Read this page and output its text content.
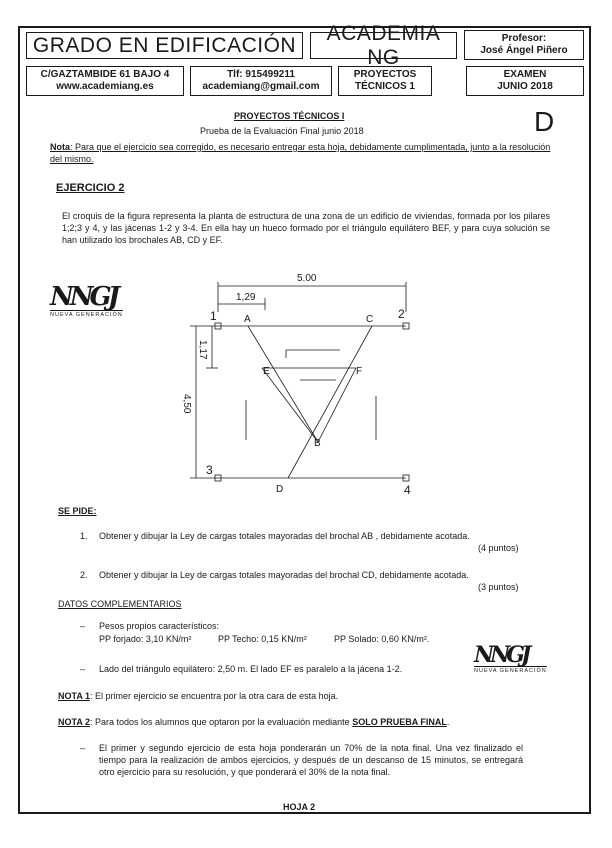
GRADO EN EDIFICACIÓN
ACADEMIA NG
Profesor:
José Ángel Piñero
C/GAZTAMBIDE 61 BAJO 4
www.academiang.es
Tlf: 915499211
academiang@gmail.com
PROYECTOS
TÉCNICOS 1
EXAMEN
JUNIO 2018
D
PROYECTOS TÉCNICOS I
Prueba de la Evaluación Final junio 2018
Nota: Para que el ejercicio sea corregido, es necesario entregar esta hoja, debidamente cumplimentada, junto a la resolución del mismo.
EJERCICIO 2
El croquis de la figura representa la planta de estructura de una zona de un edificio de viviendas, formada por los pilares 1;2;3 y 4, y las jácenas 1-2 y 3-4. En ella hay un hueco formado por el triángulo equilátero BEF, y para cuya solución se han utilizado los brochales AB, CD y EF.
NNGJ
NUEVA GENERACIÓN
5.00
1,29
1,17
4,50
1	2
3
4
A	C
E	F
B
D
SE PIDE:
1. Obtener y dibujar la Ley de cargas totales mayoradas del brochal AB , debidamente acotada.
(4 puntos)
2. Obtener y dibujar la Ley de cargas totales mayoradas del brochal CD, debidamente acotada.
(3 puntos)
DATOS COMPLEMENTARIOS
– Pesos propios característicos:
PP forjado: 3,10 KN/m²	PP Techo: 0,15 KN/m²	PP Solado: 0,60 KN/m².
– Lado del triángulo equilátero: 2,50 m. El lado EF es paralelo a la jácena 1-2.
NNGJ
NUEVA GENERACIÓN
NOTA 1: El primer ejercicio se encuentra por la otra cara de esta hoja.
NOTA 2: Para todos los alumnos que optaron por la evaluación mediante SOLO PRUEBA FINAL.
– El primer y segundo ejercicio de esta hoja ponderarán un 70% de la nota final. Una vez finalizado el tiempo para la realización de ambos ejercicios, y después de un descanso de 15 minutos, se entregará otro ejercicio para su resolución, y que ponderará el 30% de la nota final.
HOJA 2
